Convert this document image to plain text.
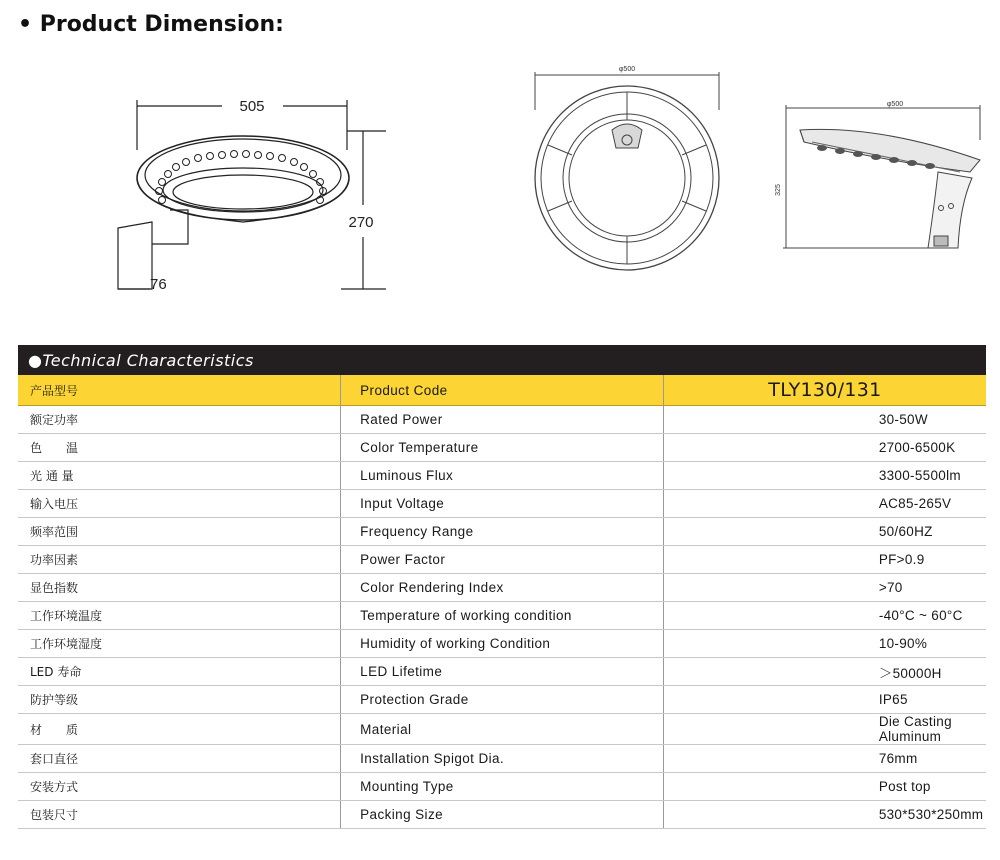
• Product Dimension:
505
270
76
φ500
φ500
325
●Technical Characteristics		
产品型号	Product Code	TLY130/131
额定功率	Rated Power	30-50W
色　　温	Color Temperature	2700-6500K
光 通 量	Luminous Flux	3300-5500lm
输入电压	Input Voltage	AC85-265V
频率范围	Frequency Range	50/60HZ
功率因素	Power Factor	PF>0.9
显色指数	Color Rendering Index	>70
工作环境温度	Temperature of working condition	-40°C ~ 60°C
工作环境湿度	Humidity of working Condition	10-90%
LED 寿命	LED Lifetime	＞50000H
防护等级	Protection Grade	IP65
材　　质	Material	Die Casting Aluminum
套口直径	Installation Spigot Dia.	76mm
安装方式	Mounting Type	Post top
包装尺寸	Packing Size	530*530*250mm
